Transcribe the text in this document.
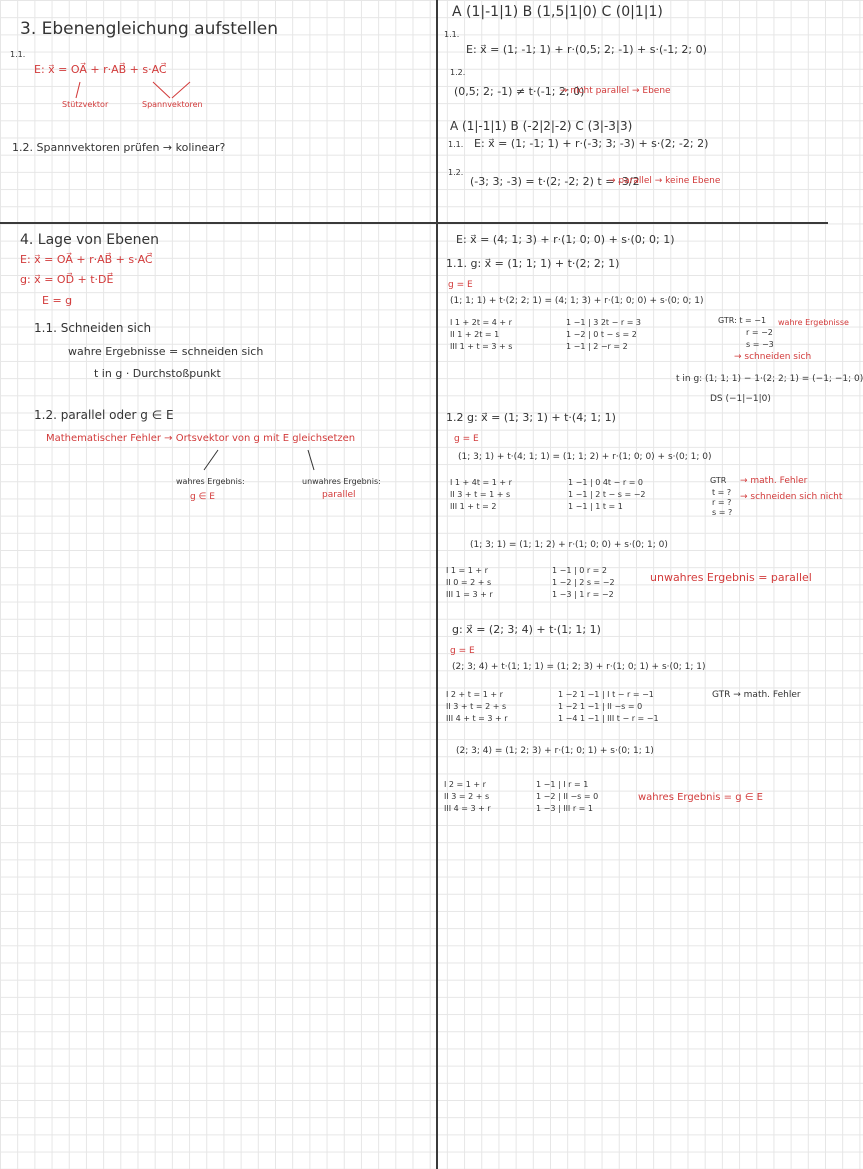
3. Ebenengleichung aufstellen
1.1.
E: x⃗ = OA⃗ + r·AB⃗ + s·AC⃗
Stützvektor	Spannvektoren
1.2. Spannvektoren prüfen → kolinear?
4. Lage von Ebenen
E: x⃗ = OA⃗ + r·AB⃗ + s·AC⃗
g: x⃗ = OD⃗ + t·DE⃗
E = g
1.1. Schneiden sich
wahre Ergebnisse = schneiden sich
t in g · Durchstoßpunkt
1.2. parallel oder g ∈ E
Mathematischer Fehler → Ortsvektor von g mit E gleichsetzen
wahres Ergebnis:
g ∈ E
unwahres Ergebnis:
parallel
A (1|-1|1) B (1,5|1|0) C (0|1|1)
1.1.
E: x⃗ = (1; -1; 1) + r·(0,5; 2; -1) + s·(-1; 2; 0)
1.2.
(0,5; 2; -1) ≠ t·(-1; 2; 0)
→ nicht parallel → Ebene
A (1|-1|1) B (-2|2|-2) C (3|-3|3)
1.1. E: x⃗ = (1; -1; 1) + r·(-3; 3; -3) + s·(2; -2; 2)
1.2.
(-3; 3; -3) = t·(2; -2; 2) t = -3/2
→ parallel → keine Ebene
E: x⃗ = (4; 1; 3) + r·(1; 0; 0) + s·(0; 0; 1)
1.1. g: x⃗ = (1; 1; 1) + t·(2; 2; 1)
g = E
(1; 1; 1) + t·(2; 2; 1) = (4; 1; 3) + r·(1; 0; 0) + s·(0; 0; 1)
I 1 + 2t = 4 + r
II 1 + 2t = 1
III 1 + t = 3 + s
1 −1 | 3 2t − r = 3
1 −2 | 0 t − s = 2
1 −1 | 2 −r = 2
GTR: t = −1
r = −2
s = −3
wahre Ergebnisse
→ schneiden sich
t in g: (1; 1; 1) − 1·(2; 2; 1) = (−1; −1; 0)
DS (−1|−1|0)
1.2 g: x⃗ = (1; 3; 1) + t·(4; 1; 1)
g = E
(1; 3; 1) + t·(4; 1; 1) = (1; 1; 2) + r·(1; 0; 0) + s·(0; 1; 0)
I 1 + 4t = 1 + r
II 3 + t = 1 + s
III 1 + t = 2
1 −1 | 0 4t − r = 0
1 −1 | 2 t − s = −2
1 −1 | 1 t = 1
GTR
t = ?
r = ?
s = ?
→ math. Fehler
→ schneiden sich nicht
(1; 3; 1) = (1; 1; 2) + r·(1; 0; 0) + s·(0; 1; 0)
I 1 = 1 + r
II 0 = 2 + s
III 1 = 3 + r
1 −1 | 0 r = 2
1 −2 | 2 s = −2
1 −3 | 1 r = −2
unwahres Ergebnis = parallel
g: x⃗ = (2; 3; 4) + t·(1; 1; 1)
g = E
(2; 3; 4) + t·(1; 1; 1) = (1; 2; 3) + r·(1; 0; 1) + s·(0; 1; 1)
I 2 + t = 1 + r
II 3 + t = 2 + s
III 4 + t = 3 + r
1 −2 1 −1 | I t − r = −1
1 −2 1 −1 | II −s = 0
1 −4 1 −1 | III t − r = −1
GTR → math. Fehler
(2; 3; 4) = (1; 2; 3) + r·(1; 0; 1) + s·(0; 1; 1)
I 2 = 1 + r
II 3 = 2 + s
III 4 = 3 + r
1 −1 | I r = 1
1 −2 | II −s = 0
1 −3 | III r = 1
wahres Ergebnis = g ∈ E
